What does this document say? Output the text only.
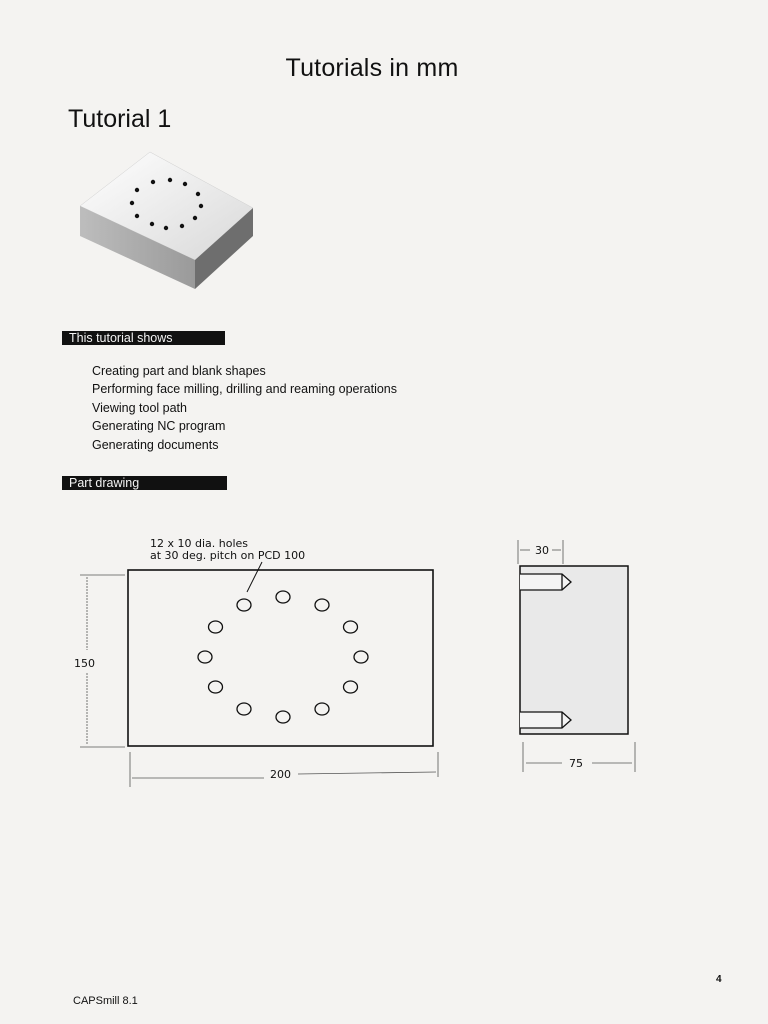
Tutorials in mm
Tutorial 1
This tutorial shows
Creating part and blank shapes
Performing face milling, drilling and reaming operations
Viewing tool path
Generating NC program
Generating documents
Part drawing
12 x 10 dia. holes
at 30 deg. pitch on PCD 100
150
200
30
75
CAPSmill 8.1
4
